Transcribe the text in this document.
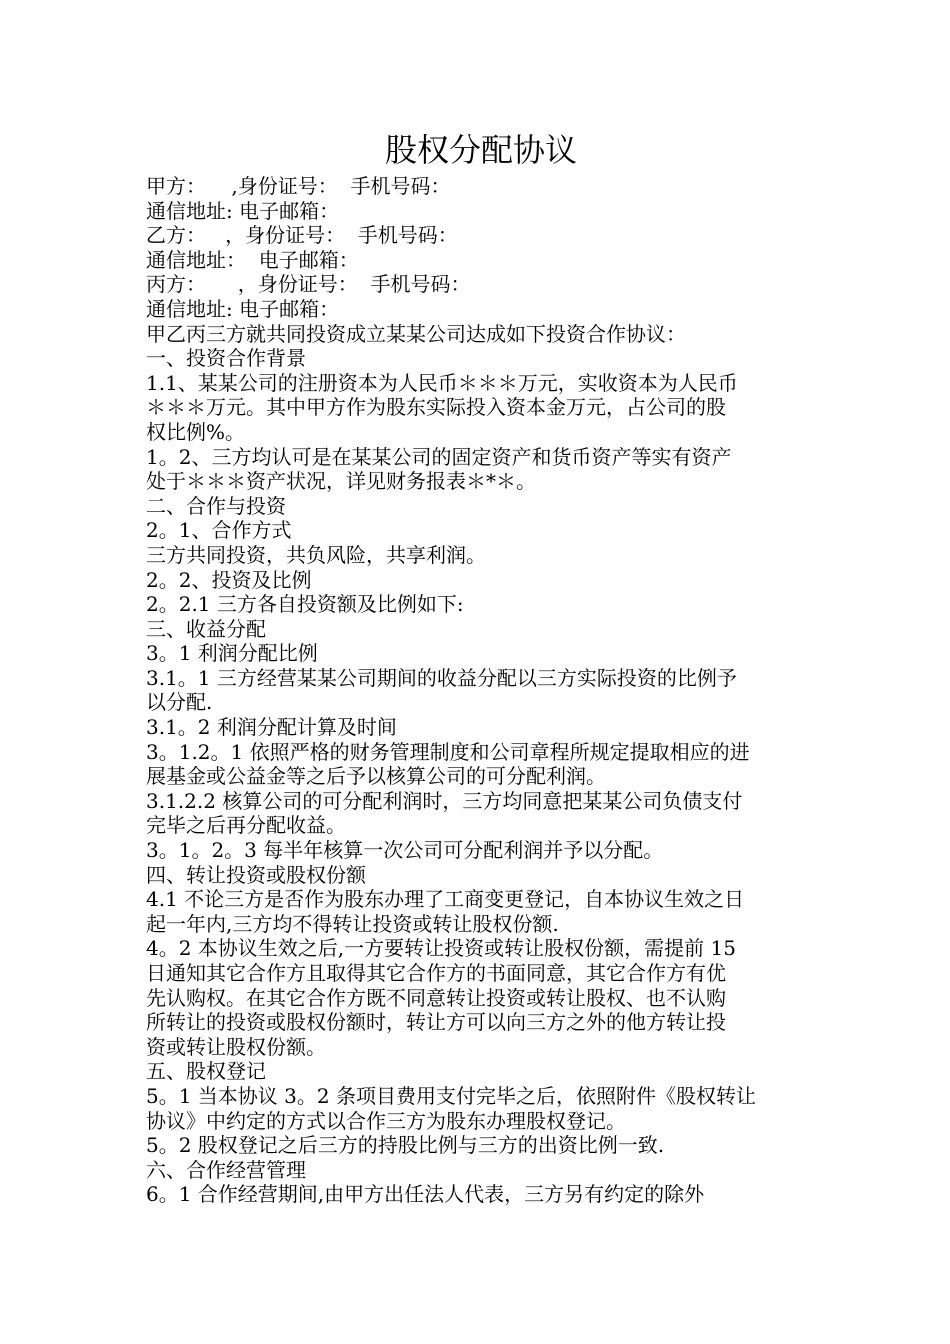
股权分配协议

甲方：    ,身份证号：  手机号码：

通信地址: 电子邮箱：

乙方：   ，身份证号：  手机号码：

通信地址：  电子邮箱：

丙方：     ，身份证号：  手机号码：

通信地址: 电子邮箱：

甲乙丙三方就共同投资成立某某公司达成如下投资合作协议：

一、投资合作背景

1.1、某某公司的注册资本为人民币＊＊＊万元，实收资本为人民币

＊＊＊万元。其中甲方作为股东实际投入资本金万元，占公司的股

权比例%。

1。2、三方均认可是在某某公司的固定资产和货币资产等实有资产

处于＊＊＊资产状况，详见财务报表＊*＊。

二、合作与投资

2。1、合作方式

三方共同投资，共负风险，共享利润。

2。2、投资及比例

2。2.1 三方各自投资额及比例如下:

三、收益分配

3。1 利润分配比例

3.1。1 三方经营某某公司期间的收益分配以三方实际投资的比例予

以分配.

3.1。2 利润分配计算及时间

3。1.2。1 依照严格的财务管理制度和公司章程所规定提取相应的进

展基金或公益金等之后予以核算公司的可分配利润。

3.1.2.2 核算公司的可分配利润时，三方均同意把某某公司负债支付

完毕之后再分配收益。

3。1。2。3 每半年核算一次公司可分配利润并予以分配。

四、转让投资或股权份额

4.1 不论三方是否作为股东办理了工商变更登记，自本协议生效之日

起一年内,三方均不得转让投资或转让股权份额.

4。2 本协议生效之后,一方要转让投资或转让股权份额，需提前 15

日通知其它合作方且取得其它合作方的书面同意，其它合作方有优

先认购权。在其它合作方既不同意转让投资或转让股权、也不认购

所转让的投资或股权份额时，转让方可以向三方之外的他方转让投

资或转让股权份额。

五、股权登记

5。1 当本协议 3。2 条项目费用支付完毕之后，依照附件《股权转让

协议》中约定的方式以合作三方为股东办理股权登记。

5。2 股权登记之后三方的持股比例与三方的出资比例一致.

六、合作经营管理

6。1 合作经营期间,由甲方出任法人代表，三方另有约定的除外
